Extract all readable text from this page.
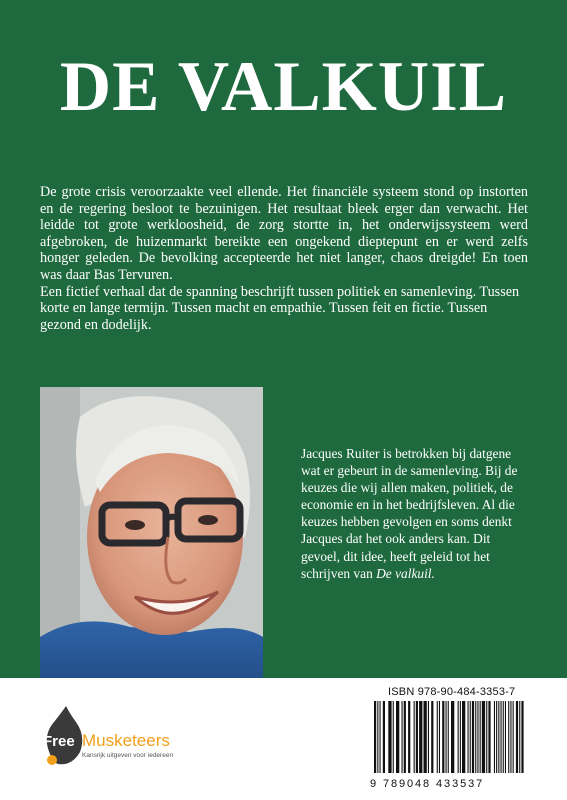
DE VALKUIL

De grote crisis veroorzaakte veel ellende. Het financiële systeem stond op instorten en de regering besloot te bezuinigen. Het resultaat bleek erger dan verwacht. Het leidde tot grote werkloosheid, de zorg stortte in, het onderwijssysteem werd afgebroken, de huizenmarkt bereikte een ongekend dieptepunt en er werd zelfs honger geleden. De bevolking accepteerde het niet langer, chaos dreigde! En toen was daar Bas Tervuren.

Een fictief verhaal dat de spanning beschrijft tussen politiek en samenleving. Tussen korte en lange termijn. Tussen macht en empathie. Tussen feit en fictie. Tussen gezond en dodelijk.

Jacques Ruiter is betrokken bij datgene wat er gebeurt in de samenleving. Bij de keuzes die wij allen maken, politiek, de economie en in het bedrijfsleven. Al die keuzes hebben gevolgen en soms denkt Jacques dat het ook anders kan. Dit gevoel, dit idee, heeft geleid tot het schrijven van De valkuil.

Free Musketeers
Kansrijk uitgeven voor iedereen
ISBN 978-90-484-3353-7
9 789048 433537
